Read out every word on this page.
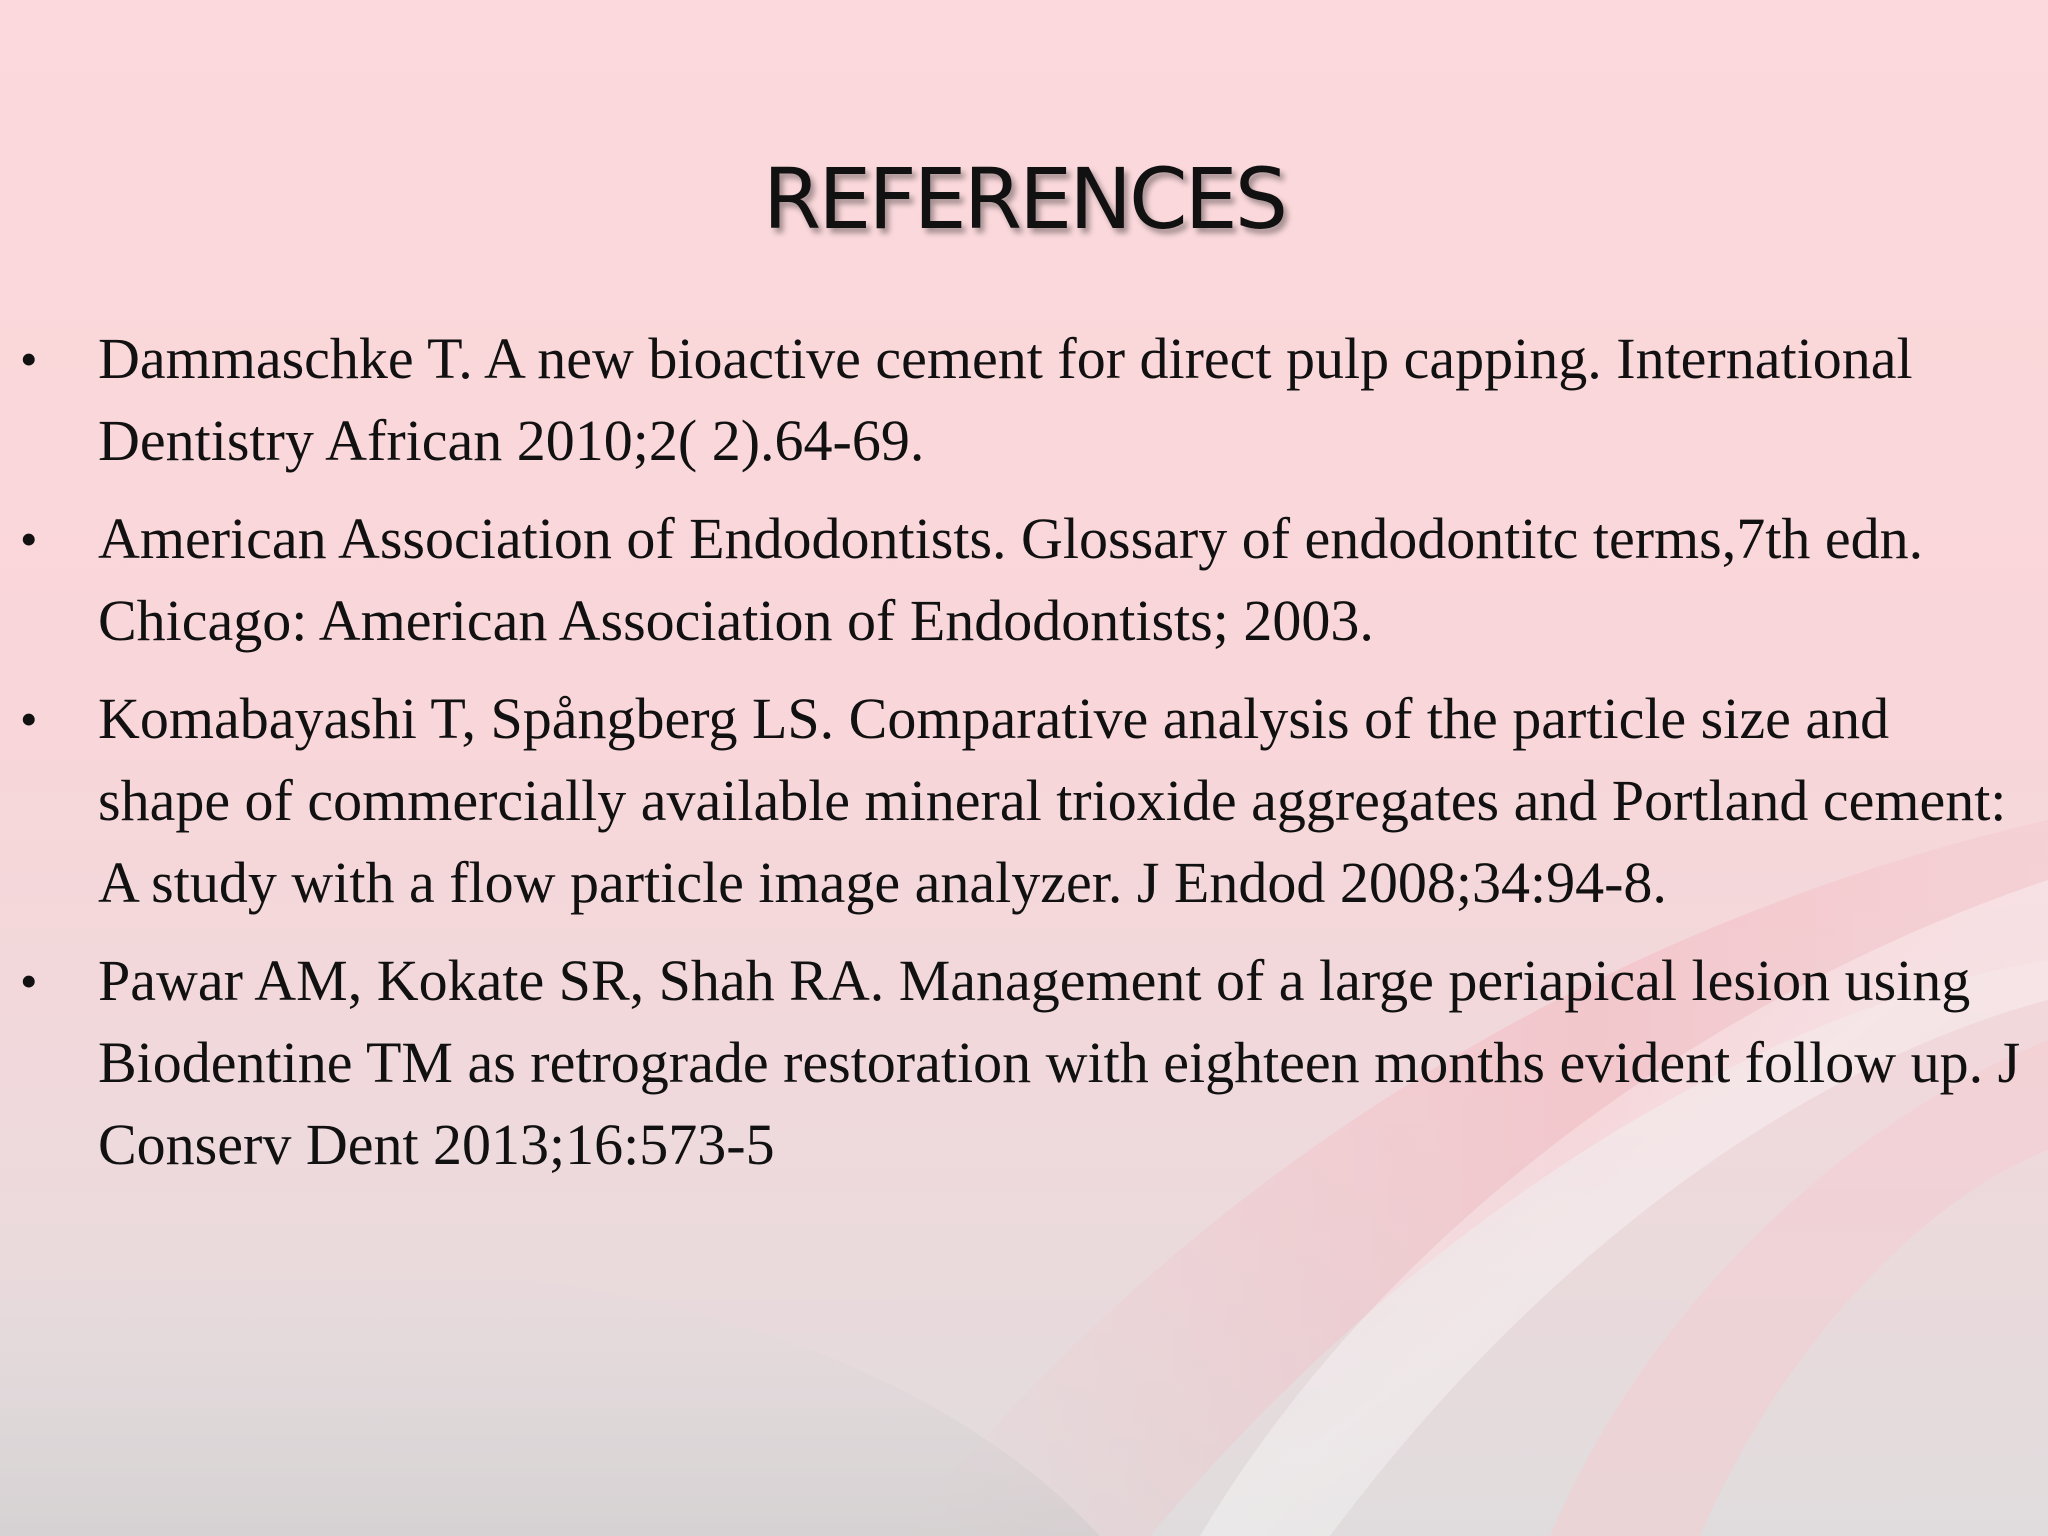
REFERENCES
•	Dammaschke T. A new bioactive cement for direct pulp capping. International Dentistry African 2010;2( 2).64-69.
•	American Association of Endodontists. Glossary of endodontitc terms,7th edn. Chicago: American Association of Endodontists; 2003.
•	Komabayashi T, Spångberg LS. Comparative analysis of the particle size and shape of commercially available mineral trioxide aggregates and Portland cement: A study with a flow particle image analyzer. J Endod 2008;34:94-8.
•	Pawar AM, Kokate SR, Shah RA. Management of a large periapical lesion using Biodentine TM as retrograde restoration with eighteen months evident follow up. J Conserv Dent 2013;16:573-5
